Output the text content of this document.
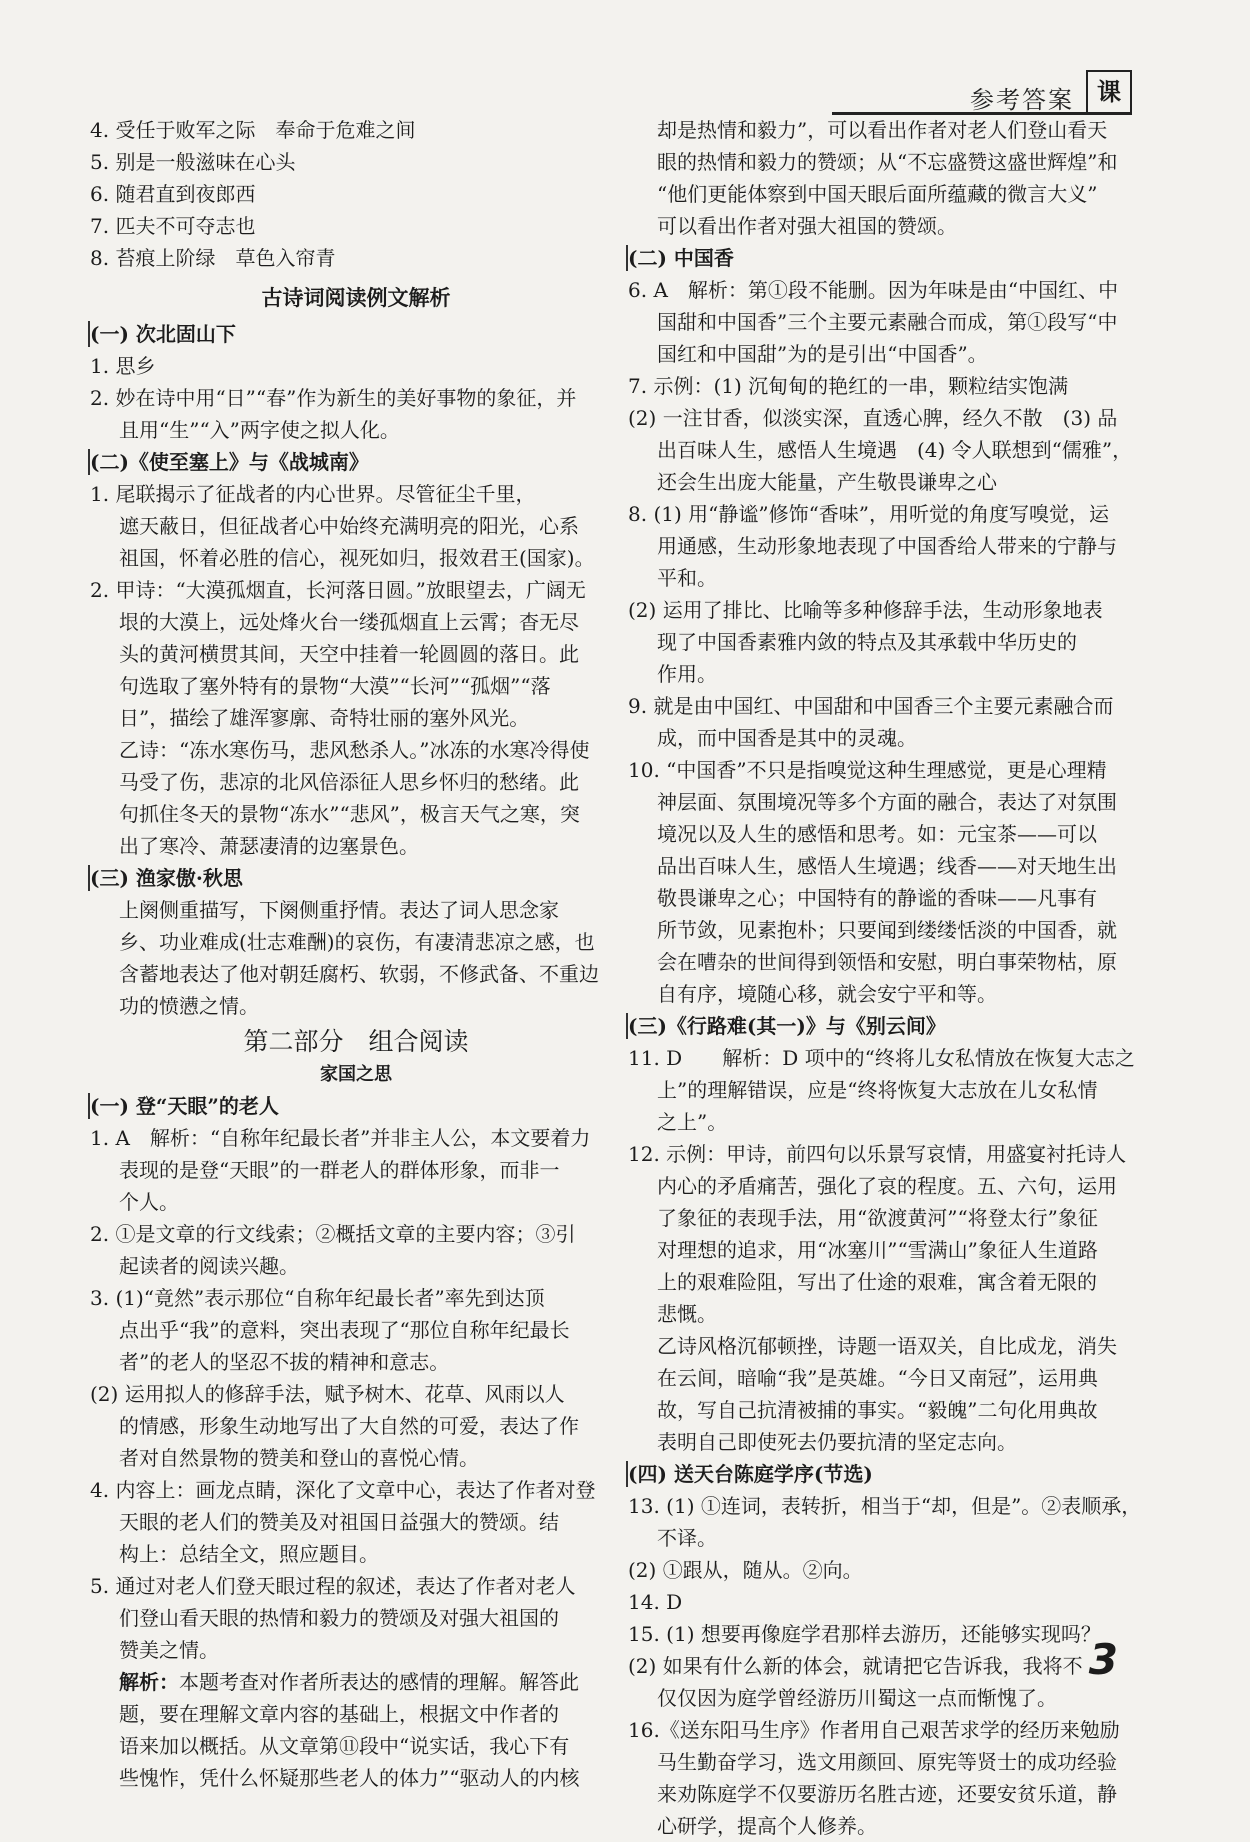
参考答案 课
4. 受任于败军之际　奉命于危难之间
5. 别是一般滋味在心头
6. 随君直到夜郎西
7. 匹夫不可夺志也
8. 苔痕上阶绿　草色入帘青
古诗词阅读例文解析
(一) 次北固山下
1. 思乡
2. 妙在诗中用“日”“春”作为新生的美好事物的象征，并
且用“生”“入”两字使之拟人化。
(二)《使至塞上》与《战城南》
1. 尾联揭示了征战者的内心世界。尽管征尘千里，
遮天蔽日，但征战者心中始终充满明亮的阳光，心系
祖国，怀着必胜的信心，视死如归，报效君王(国家)。
2. 甲诗：“大漠孤烟直，长河落日圆。”放眼望去，广阔无
垠的大漠上，远处烽火台一缕孤烟直上云霄；杳无尽
头的黄河横贯其间，天空中挂着一轮圆圆的落日。此
句选取了塞外特有的景物“大漠”“长河”“孤烟”“落
日”，描绘了雄浑寥廓、奇特壮丽的塞外风光。
乙诗：“冻水寒伤马，悲风愁杀人。”冰冻的水寒冷得使
马受了伤，悲凉的北风倍添征人思乡怀归的愁绪。此
句抓住冬天的景物“冻水”“悲风”，极言天气之寒，突
出了寒冷、萧瑟凄清的边塞景色。
(三) 渔家傲·秋思
上阕侧重描写，下阕侧重抒情。表达了词人思念家
乡、功业难成(壮志难酬)的哀伤，有凄清悲凉之感，也
含蓄地表达了他对朝廷腐朽、软弱，不修武备、不重边
功的愤懑之情。
第二部分　组合阅读
家国之思
(一) 登“天眼”的老人
1. A　解析：“自称年纪最长者”并非主人公，本文要着力
表现的是登“天眼”的一群老人的群体形象，而非一
个人。
2. ①是文章的行文线索；②概括文章的主要内容；③引
起读者的阅读兴趣。
3. (1)“竟然”表示那位“自称年纪最长者”率先到达顶
点出乎“我”的意料，突出表现了“那位自称年纪最长
者”的老人的坚忍不拔的精神和意志。
(2) 运用拟人的修辞手法，赋予树木、花草、风雨以人
的情感，形象生动地写出了大自然的可爱，表达了作
者对自然景物的赞美和登山的喜悦心情。
4. 内容上：画龙点睛，深化了文章中心，表达了作者对登
天眼的老人们的赞美及对祖国日益强大的赞颂。结
构上：总结全文，照应题目。
5. 通过对老人们登天眼过程的叙述，表达了作者对老人
们登山看天眼的热情和毅力的赞颂及对强大祖国的
赞美之情。
解析：本题考查对作者所表达的感情的理解。解答此
题，要在理解文章内容的基础上，根据文中作者的
语来加以概括。从文章第⑪段中“说实话，我心下有
些愧怍，凭什么怀疑那些老人的体力”“驱动人的内核
却是热情和毅力”，可以看出作者对老人们登山看天
眼的热情和毅力的赞颂；从“不忘盛赞这盛世辉煌”和
“他们更能体察到中国天眼后面所蕴藏的微言大义”
可以看出作者对强大祖国的赞颂。
(二) 中国香
6. A　解析：第①段不能删。因为年味是由“中国红、中
国甜和中国香”三个主要元素融合而成，第①段写“中
国红和中国甜”为的是引出“中国香”。
7. 示例：(1) 沉甸甸的艳红的一串，颗粒结实饱满
(2) 一注甘香，似淡实深，直透心脾，经久不散　(3) 品
出百味人生，感悟人生境遇　(4) 令人联想到“儒雅”，
还会生出庞大能量，产生敬畏谦卑之心
8. (1) 用“静谧”修饰“香味”，用听觉的角度写嗅觉，运
用通感，生动形象地表现了中国香给人带来的宁静与
平和。
(2) 运用了排比、比喻等多种修辞手法，生动形象地表
现了中国香素雅内敛的特点及其承载中华历史的
作用。
9. 就是由中国红、中国甜和中国香三个主要元素融合而
成，而中国香是其中的灵魂。
10. “中国香”不只是指嗅觉这种生理感觉，更是心理精
神层面、氛围境况等多个方面的融合，表达了对氛围
境况以及人生的感悟和思考。如：元宝茶——可以
品出百味人生，感悟人生境遇；线香——对天地生出
敬畏谦卑之心；中国特有的静谧的香味——凡事有
所节敛，见素抱朴；只要闻到缕缕恬淡的中国香，就
会在嘈杂的世间得到领悟和安慰，明白事荣物枯，原
自有序，境随心移，就会安宁平和等。
(三)《行路难(其一)》与《别云间》
11. D　　解析：D 项中的“终将儿女私情放在恢复大志之
上”的理解错误，应是“终将恢复大志放在儿女私情
之上”。
12. 示例：甲诗，前四句以乐景写哀情，用盛宴衬托诗人
内心的矛盾痛苦，强化了哀的程度。五、六句，运用
了象征的表现手法，用“欲渡黄河”“将登太行”象征
对理想的追求，用“冰塞川”“雪满山”象征人生道路
上的艰难险阻，写出了仕途的艰难，寓含着无限的
悲慨。
乙诗风格沉郁顿挫，诗题一语双关，自比成龙，消失
在云间，暗喻“我”是英雄。“今日又南冠”，运用典
故，写自己抗清被捕的事实。“毅魄”二句化用典故
表明自己即使死去仍要抗清的坚定志向。
(四) 送天台陈庭学序(节选)
13. (1) ①连词，表转折，相当于“却，但是”。②表顺承，
不译。
(2) ①跟从，随从。②向。
14. D
15. (1) 想要再像庭学君那样去游历，还能够实现吗？
(2) 如果有什么新的体会，就请把它告诉我，我将不
仅仅因为庭学曾经游历川蜀这一点而惭愧了。
16.《送东阳马生序》作者用自己艰苦求学的经历来勉励
马生勤奋学习，选文用颜回、原宪等贤士的成功经验
来劝陈庭学不仅要游历名胜古迹，还要安贫乐道，静
心研学，提高个人修养。
3
